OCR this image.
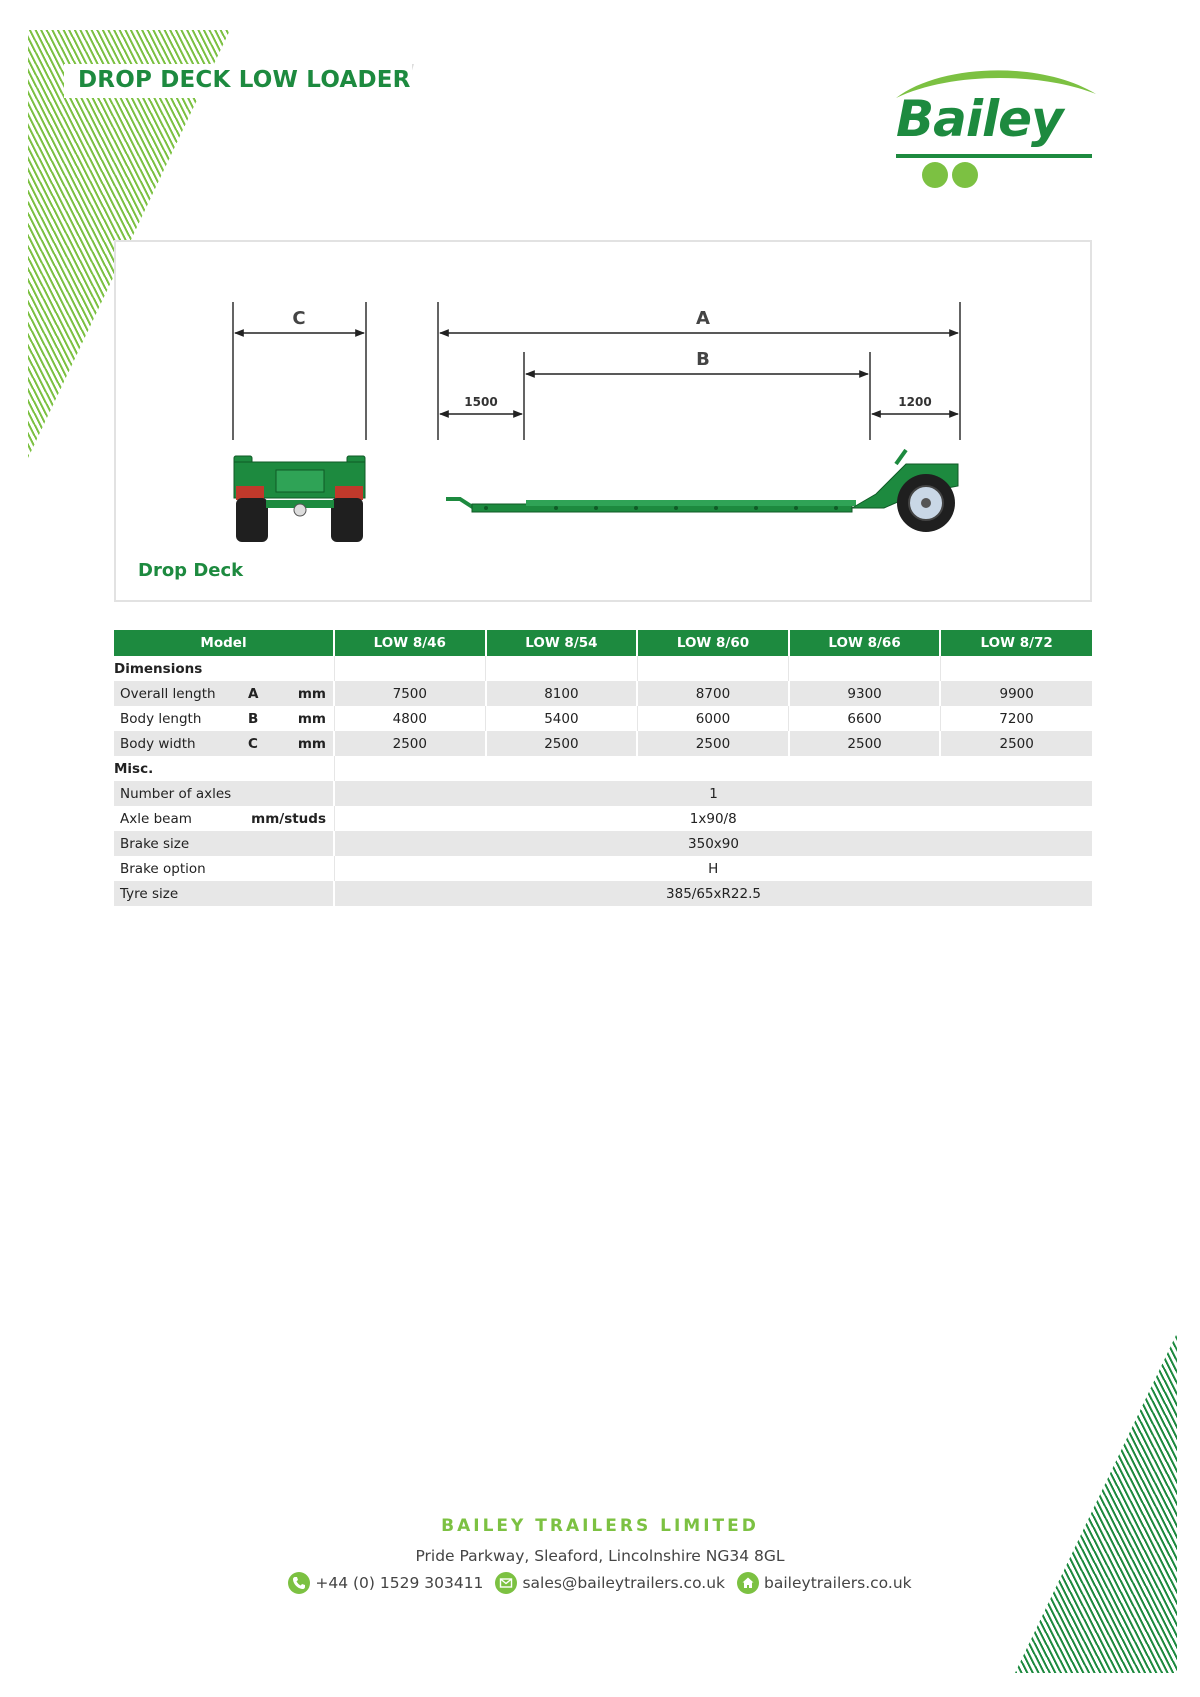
DROP DECK LOW LOADER
Bailey
C	A
B
1500	1200
Drop Deck
Model	LOW 8/46	LOW 8/54	LOW 8/60	LOW 8/66	LOW 8/72
Dimensions					

Overall length A mm	7500	8100	8700	9300	9900

Body length B mm	4800	5400	6000	6600	7200

Body width C mm	2500	2500	2500	2500	2500
Misc.					

Number of axles	1				

Axle beam mm/studs	1x90/8				

Brake size	350x90				

Brake option	H				

Tyre size	385/65xR22.5				
BAILEY TRAILERS LIMITED
Pride Parkway, Sleaford, Lincolnshire NG34 8GL
+44 (0) 1529 303411	sales@baileytrailers.co.uk	baileytrailers.co.uk
